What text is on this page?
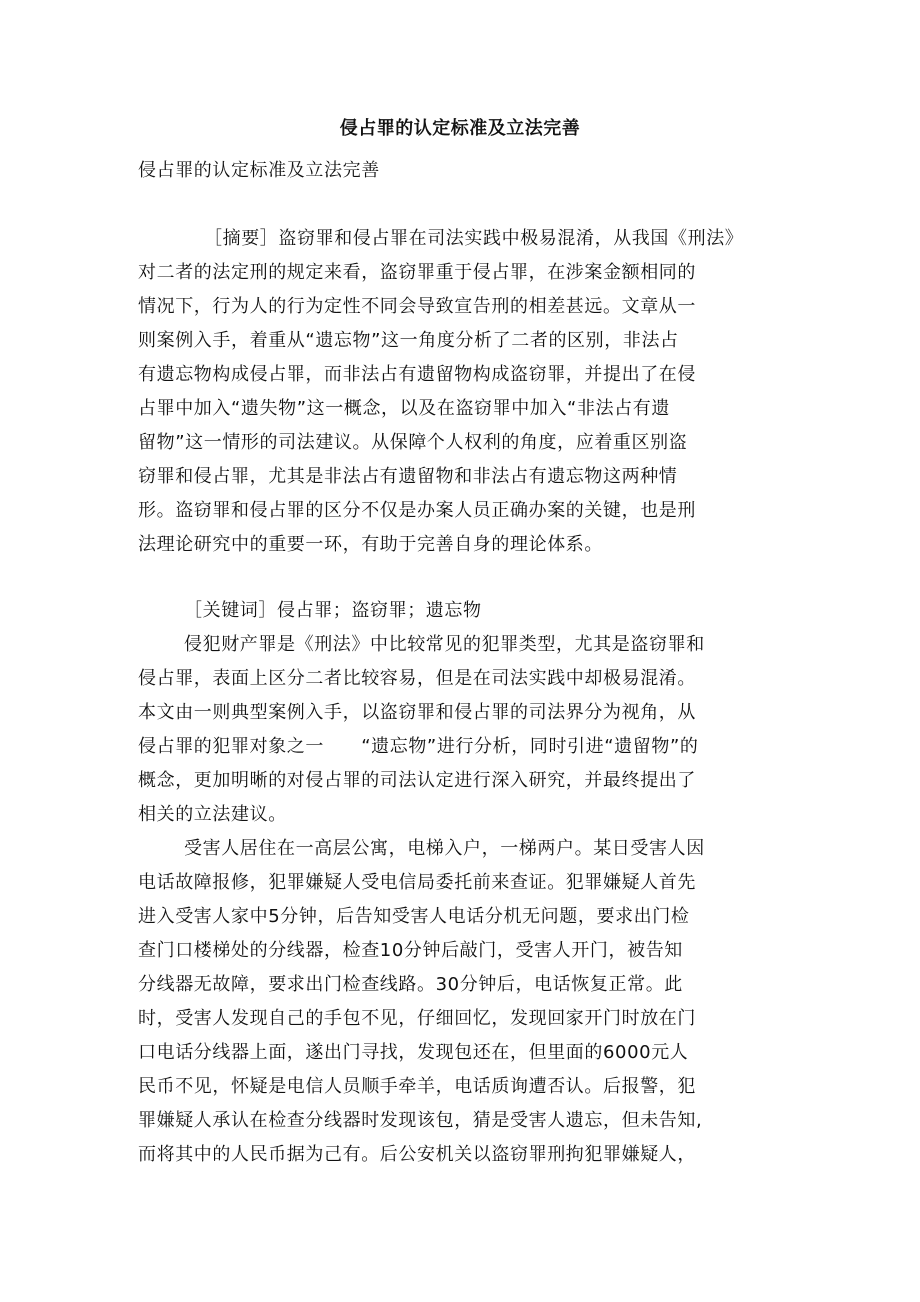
侵占罪的认定标准及立法完善
侵占罪的认定标准及立法完善
［摘要］盗窃罪和侵占罪在司法实践中极易混淆，从我国《刑法》
对二者的法定刑的规定来看，盗窃罪重于侵占罪，在涉案金额相同的
情况下，行为人的行为定性不同会导致宣告刑的相差甚远。文章从一
则案例入手，着重从“遗忘物”这一角度分析了二者的区别，非法占
有遗忘物构成侵占罪，而非法占有遗留物构成盗窃罪，并提出了在侵
占罪中加入“遗失物”这一概念，以及在盗窃罪中加入“非法占有遗
留物”这一情形的司法建议。从保障个人权利的角度，应着重区别盗
窃罪和侵占罪，尤其是非法占有遗留物和非法占有遗忘物这两种情
形。盗窃罪和侵占罪的区分不仅是办案人员正确办案的关键，也是刑
法理论研究中的重要一环，有助于完善自身的理论体系。
［关键词］侵占罪；盗窃罪；遗忘物
侵犯财产罪是《刑法》中比较常见的犯罪类型，尤其是盗窃罪和
侵占罪，表面上区分二者比较容易，但是在司法实践中却极易混淆。
本文由一则典型案例入手，以盗窃罪和侵占罪的司法界分为视角，从
侵占罪的犯罪对象之一　　“遗忘物”进行分析，同时引进“遗留物”的
概念，更加明晰的对侵占罪的司法认定进行深入研究，并最终提出了
相关的立法建议。
受害人居住在一高层公寓，电梯入户，一梯两户。某日受害人因
电话故障报修，犯罪嫌疑人受电信局委托前来查证。犯罪嫌疑人首先
进入受害人家中5分钟，后告知受害人电话分机无问题，要求出门检
查门口楼梯处的分线器，检查10分钟后敲门，受害人开门，被告知
分线器无故障，要求出门检查线路。30分钟后，电话恢复正常。此
时，受害人发现自己的手包不见，仔细回忆，发现回家开门时放在门
口电话分线器上面，遂出门寻找，发现包还在，但里面的6000元人
民币不见，怀疑是电信人员顺手牵羊，电话质询遭否认。后报警，犯
罪嫌疑人承认在检查分线器时发现该包，猜是受害人遗忘，但未告知,
而将其中的人民币据为己有。后公安机关以盗窃罪刑拘犯罪嫌疑人，
